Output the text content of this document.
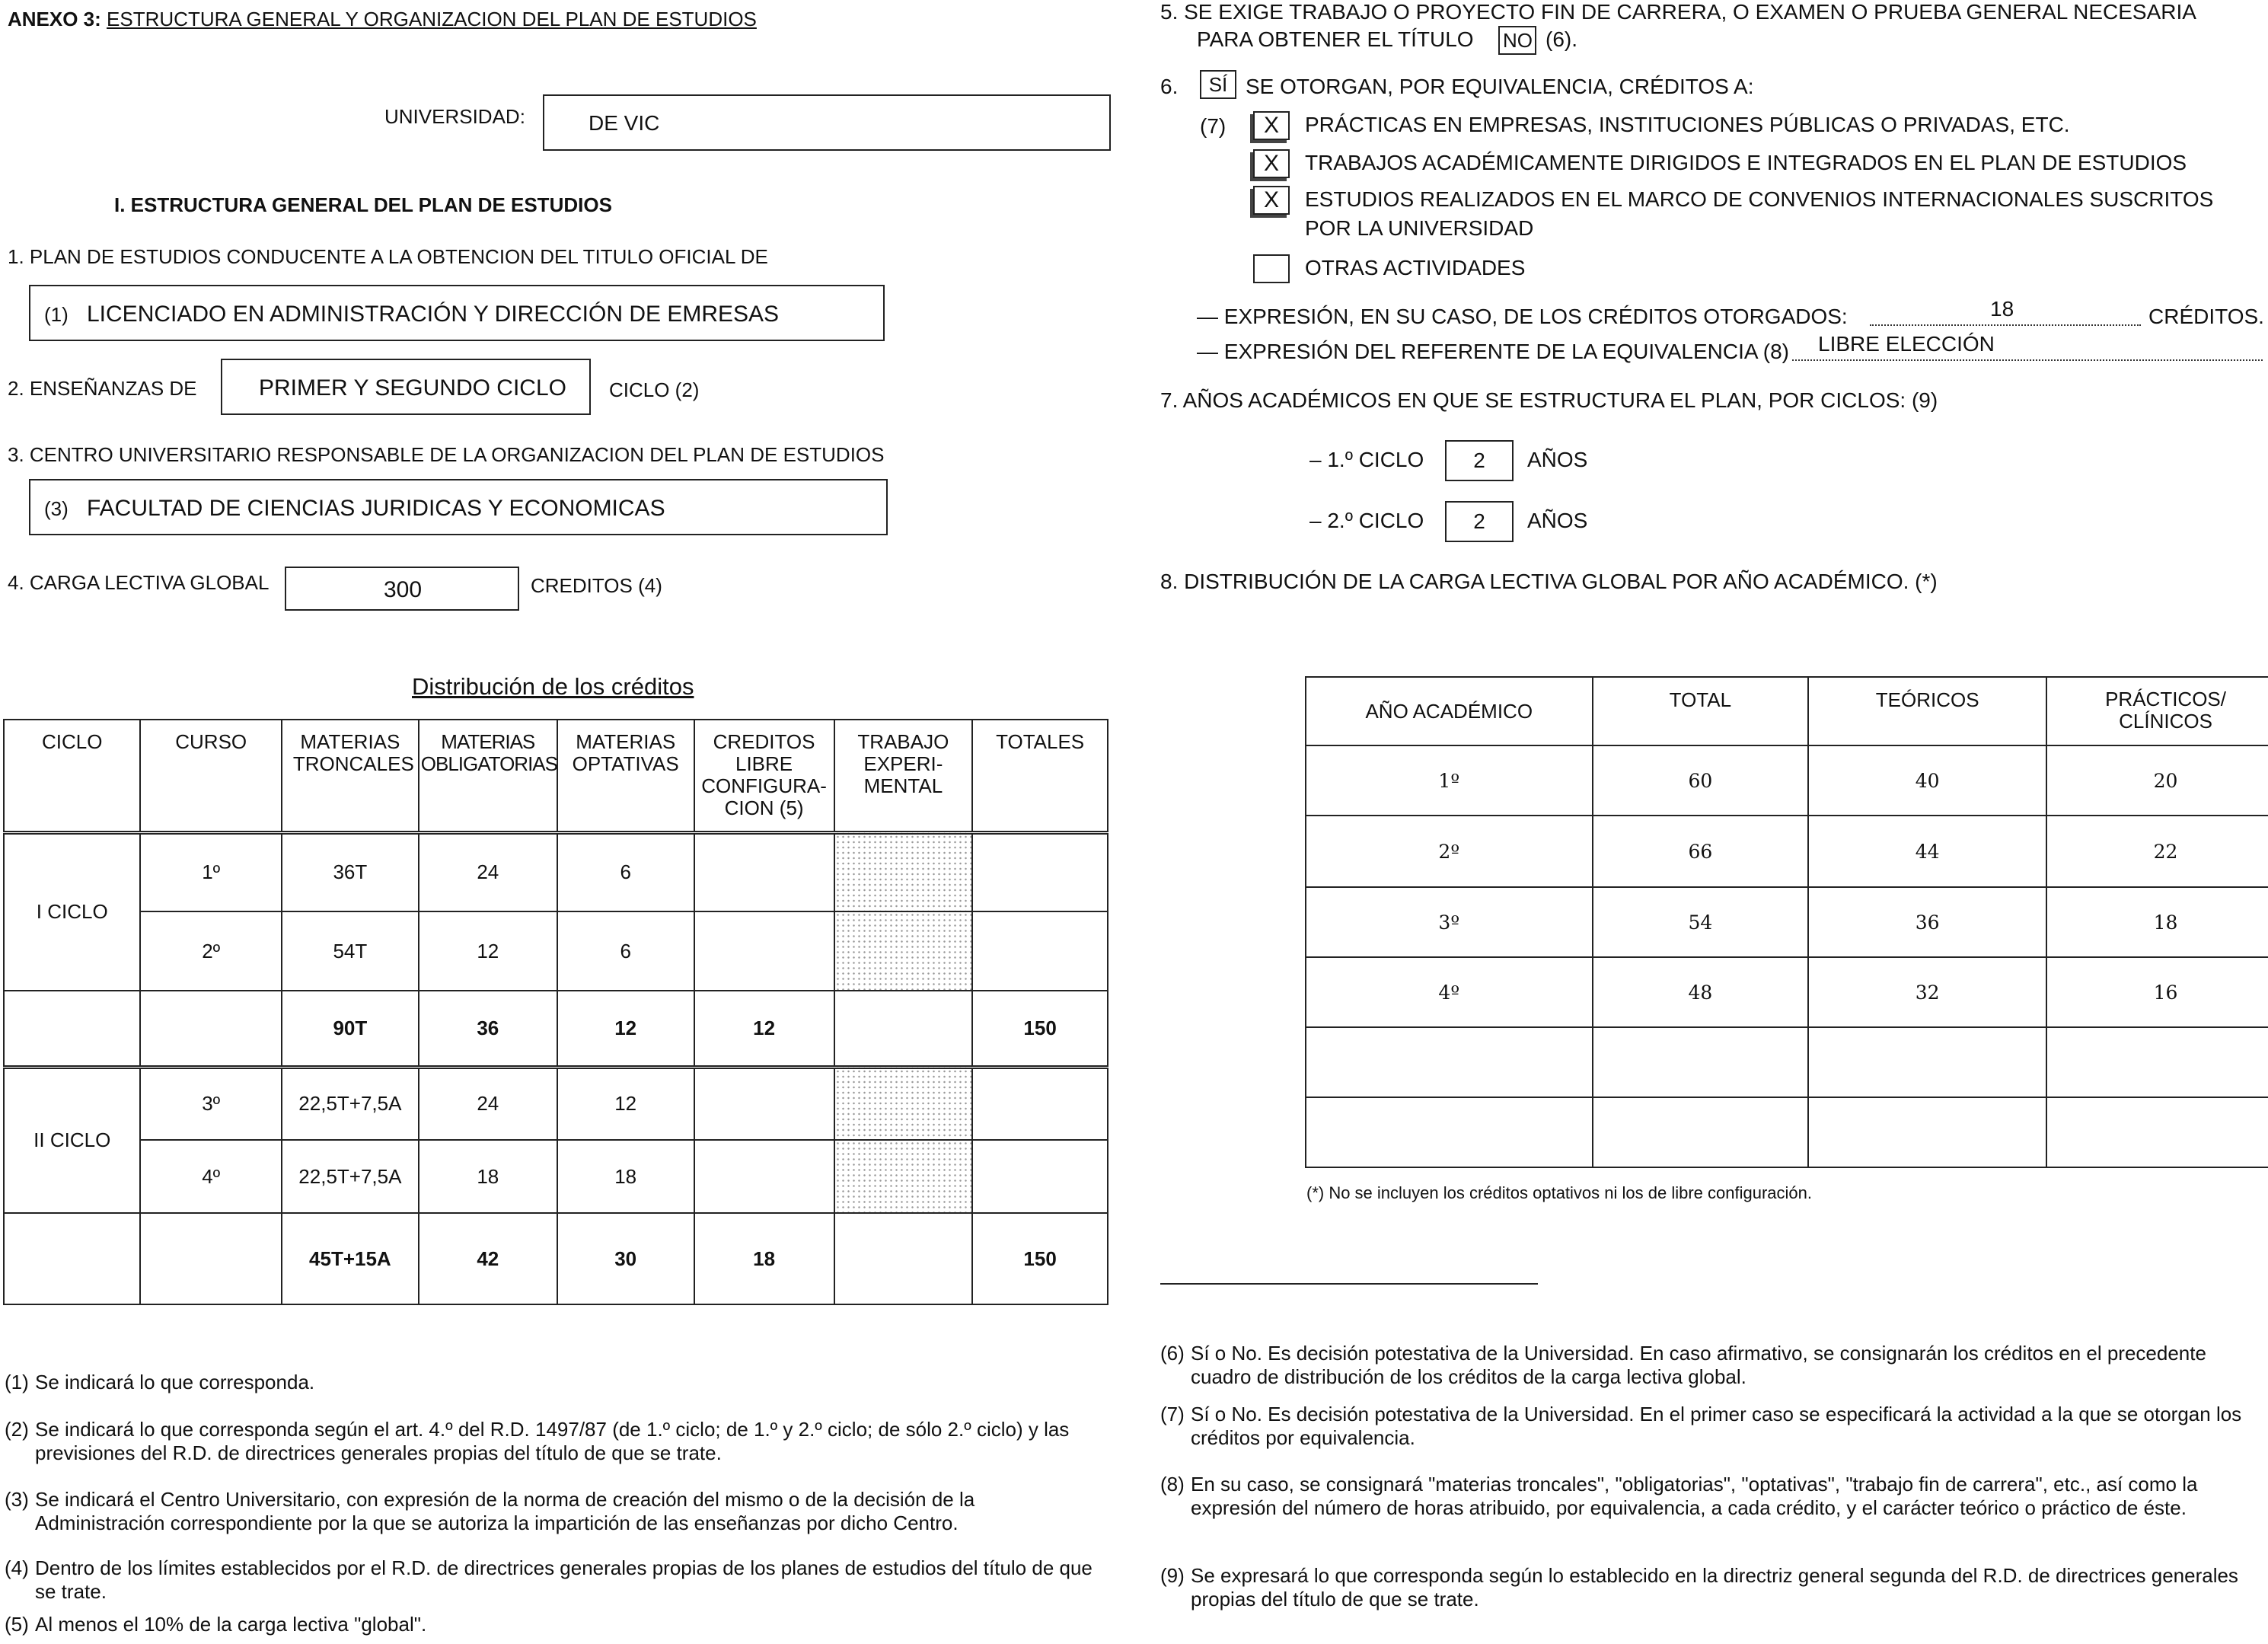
ANEXO 3: ESTRUCTURA GENERAL Y ORGANIZACION DEL PLAN DE ESTUDIOS
UNIVERSIDAD:	DE VIC
I. ESTRUCTURA GENERAL DEL PLAN DE ESTUDIOS
1. PLAN DE ESTUDIOS CONDUCENTE A LA OBTENCION DEL TITULO OFICIAL DE
(1) LICENCIADO EN ADMINISTRACIÓN Y DIRECCIÓN DE EMRESAS
2. ENSEÑANZAS DE	PRIMER Y SEGUNDO CICLO CICLO (2)
3. CENTRO UNIVERSITARIO RESPONSABLE DE LA ORGANIZACION DEL PLAN DE ESTUDIOS
(3) FACULTAD DE CIENCIAS JURIDICAS Y ECONOMICAS
4. CARGA LECTIVA GLOBAL	300	CREDITOS (4)
Distribución de los créditos
CICLO	CURSO	MATERIAS TRONCALES	MATERIAS OBLIGATORIAS	MATERIAS OPTATIVAS	CREDITOS LIBRE CONFIGURA-CION (5)	TRABAJO EXPERI-MENTAL	TOTALES
I CICLO	1º	36T	24	6			
	2º	54T	12	6			
		90T	36	12	12		150
II CICLO	3º	22,5T+7,5A	24	12			
	4º	22,5T+7,5A	18	18			
		45T+15A	42	30	18		150
(1) Se indicará lo que corresponda.
(2) Se indicará lo que corresponda según el art. 4.º del R.D. 1497/87 (de 1.º ciclo; de 1.º y 2.º ciclo; de sólo 2.º ciclo) y las previsiones del R.D. de directrices generales propias del título de que se trate.
(3) Se indicará el Centro Universitario, con expresión de la norma de creación del mismo o de la decisión de la Administración correspondiente por la que se autoriza la impartición de las enseñanzas por dicho Centro.
(4) Dentro de los límites establecidos por el R.D. de directrices generales propias de los planes de estudios del título de que se trate.
(5) Al menos el 10% de la carga lectiva "global".
5. SE EXIGE TRABAJO O PROYECTO FIN DE CARRERA, O EXAMEN O PRUEBA GENERAL NECESARIA
PARA OBTENER EL TÍTULO NO (6).
6.	SÍ SE OTORGAN, POR EQUIVALENCIA, CRÉDITOS A:
(7)	X	PRÁCTICAS EN EMPRESAS, INSTITUCIONES PÚBLICAS O PRIVADAS, ETC.
X	TRABAJOS ACADÉMICAMENTE DIRIGIDOS E INTEGRADOS EN EL PLAN DE ESTUDIOS
X	ESTUDIOS REALIZADOS EN EL MARCO DE CONVENIOS INTERNACIONALES SUSCRITOS
POR LA UNIVERSIDAD
OTRAS ACTIVIDADES
— EXPRESIÓN, EN SU CASO, DE LOS CRÉDITOS OTORGADOS:	18	CRÉDITOS.
— EXPRESIÓN DEL REFERENTE DE LA EQUIVALENCIA (8) LIBRE ELECCIÓN
7. AÑOS ACADÉMICOS EN QUE SE ESTRUCTURA EL PLAN, POR CICLOS: (9)
– 1.º CICLO	2	AÑOS
– 2.º CICLO	2	AÑOS
8. DISTRIBUCIÓN DE LA CARGA LECTIVA GLOBAL POR AÑO ACADÉMICO. (*)
AÑO ACADÉMICO	TOTAL	TEÓRICOS	PRÁCTICOS/ CLÍNICOS
1º	60	40	20
2º	66	44	22
3º	54	36	18
4º	48	32	16

(*) No se incluyen los créditos optativos ni los de libre configuración.
(6) Sí o No. Es decisión potestativa de la Universidad. En caso afirmativo, se consignarán los créditos en el precedente cuadro de distribución de los créditos de la carga lectiva global.
(7) Sí o No. Es decisión potestativa de la Universidad. En el primer caso se especificará la actividad a la que se otorgan los créditos por equivalencia.
(8) En su caso, se consignará "materias troncales", "obligatorias", "optativas", "trabajo fin de carrera", etc., así como la expresión del número de horas atribuido, por equivalencia, a cada crédito, y el carácter teórico o práctico de éste.
(9) Se expresará lo que corresponda según lo establecido en la directriz general segunda del R.D. de directrices generales propias del título de que se trate.
